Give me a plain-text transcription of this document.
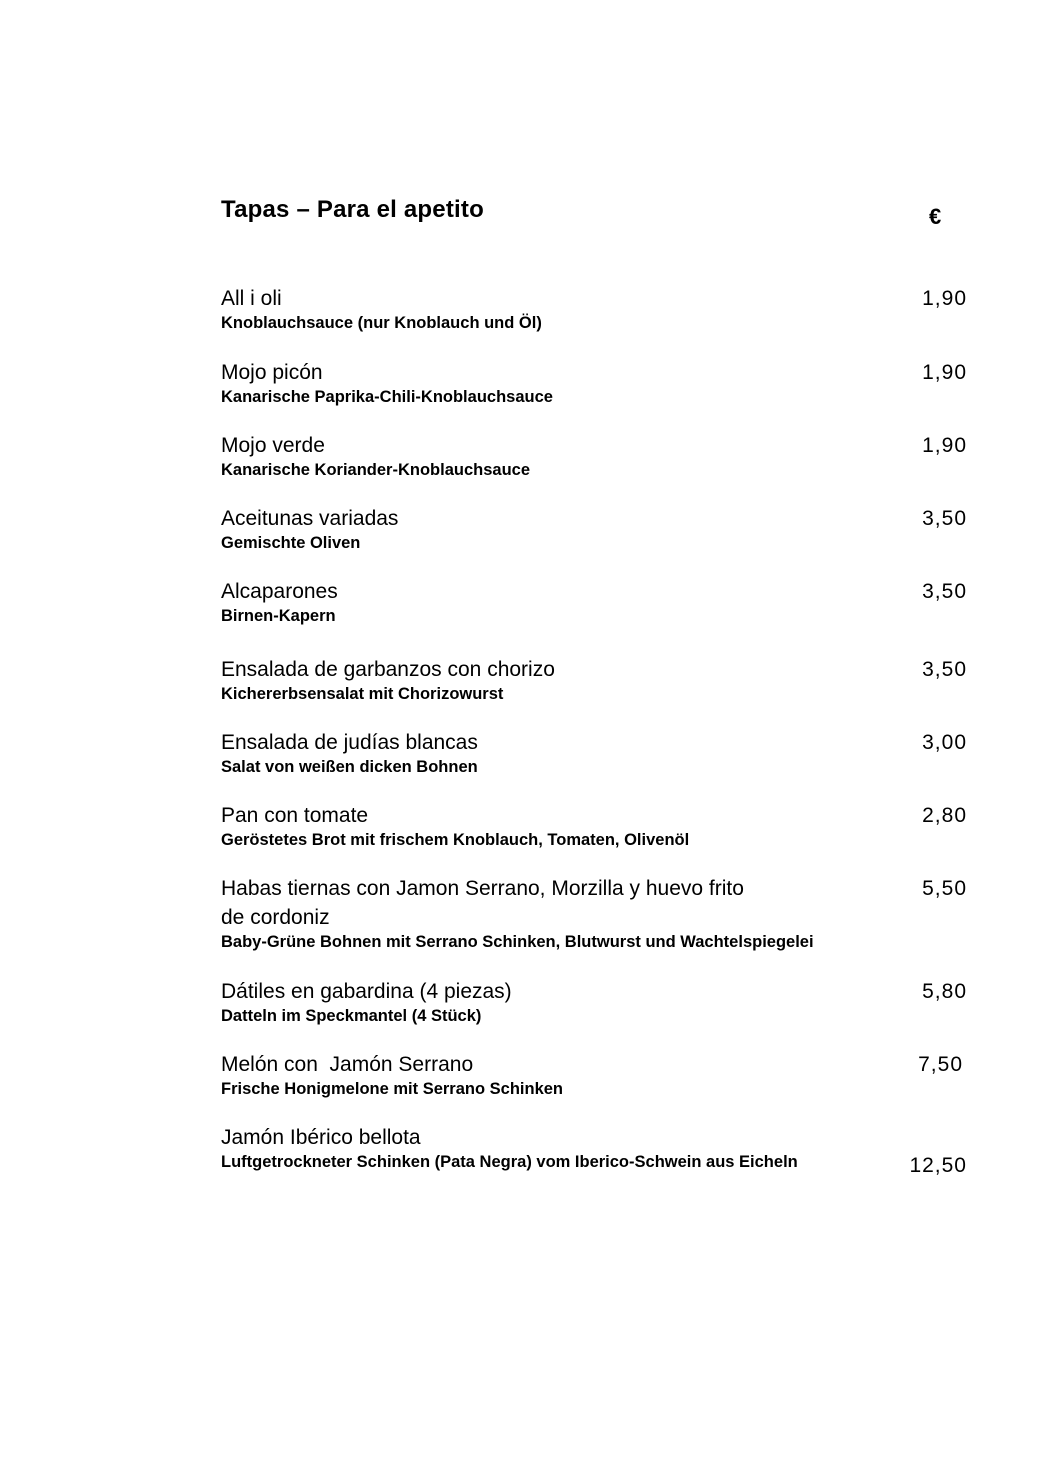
Tapas – Para el apetito	€
All i oli
Knoblauchsauce (nur Knoblauch und Öl)
1,90
Mojo picón
Kanarische Paprika-Chili-Knoblauchsauce
1,90
Mojo verde
Kanarische Koriander-Knoblauchsauce
1,90
Aceitunas variadas
Gemischte Oliven
3,50
Alcaparones
Birnen-Kapern
3,50
Ensalada de garbanzos con chorizo
Kichererbsensalat mit Chorizowurst
3,50
Ensalada de judías blancas
Salat von weißen dicken Bohnen
3,00
Pan con tomate
Geröstetes Brot mit frischem Knoblauch, Tomaten, Olivenöl
2,80
Habas tiernas con Jamon Serrano, Morzilla y huevo frito
de cordoniz
Baby-Grüne Bohnen mit Serrano Schinken, Blutwurst und Wachtelspiegelei
5,50
Dátiles en gabardina (4 piezas)
Datteln im Speckmantel (4 Stück)
5,80
Melón con  Jamón Serrano
Frische Honigmelone mit Serrano Schinken
7,50
Jamón Ibérico bellota
Luftgetrockneter Schinken (Pata Negra) vom Iberico-Schwein aus Eicheln	12,50
